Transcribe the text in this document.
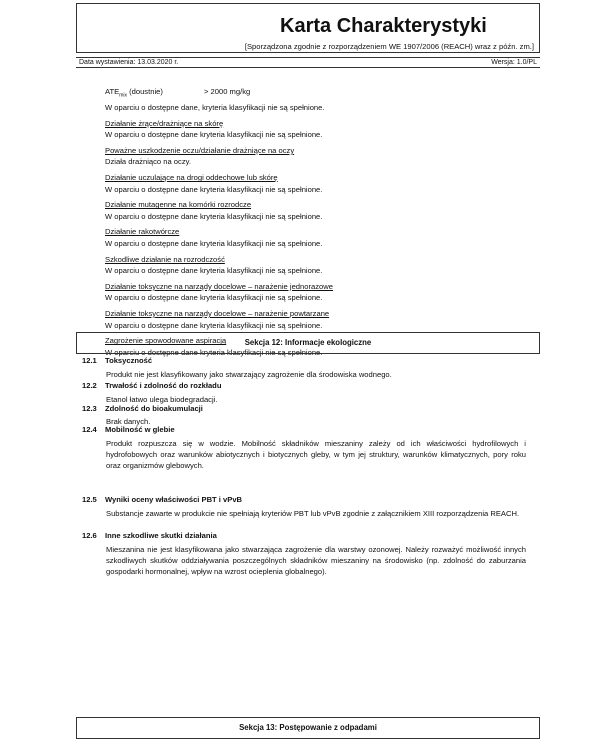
Karta Charakterystyki
[Sporządzona zgodnie z rozporządzeniem WE 1907/2006 (REACH) wraz z późn. zm.]
Data wystawienia: 13.03.2020 r.	Wersja: 1.0/PL
$ATE_{mix}$ (doustnie)	> 2000 mg/kg
W oparciu o dostępne dane, kryteria klasyfikacji nie są spełnione.
Działanie żrące/drażniące na skórę
W oparciu o dostępne dane kryteria klasyfikacji nie są spełnione.
Poważne uszkodzenie oczu/działanie drażniące na oczy
Działa drażniąco na oczy.
Działanie uczulające na drogi oddechowe lub skórę
W oparciu o dostępne dane kryteria klasyfikacji nie są spełnione.
Działanie mutagenne na komórki rozrodcze
W oparciu o dostępne dane kryteria klasyfikacji nie są spełnione.
Działanie rakotwórcze
W oparciu o dostępne dane kryteria klasyfikacji nie są spełnione.
Szkodliwe działanie na rozrodczość
W oparciu o dostępne dane kryteria klasyfikacji nie są spełnione.
Działanie toksyczne na narządy docelowe – narażenie jednorazowe
W oparciu o dostępne dane kryteria klasyfikacji nie są spełnione.
Działanie toksyczne na narządy docelowe – narażenie powtarzane
W oparciu o dostępne dane kryteria klasyfikacji nie są spełnione.
Zagrożenie spowodowane aspiracją
W oparciu o dostępne dane kryteria klasyfikacji nie są spełnione.
Sekcja 12: Informacje ekologiczne
12.1 Toksyczność
Produkt nie jest klasyfikowany jako stwarzający zagrożenie dla środowiska wodnego.
12.2 Trwałość i zdolność do rozkładu
Etanol łatwo ulega biodegradacji.
12.3 Zdolność do bioakumulacji
Brak danych.
12.4 Mobilność w glebie
Produkt rozpuszcza się w wodzie. Mobilność składników mieszaniny zależy od ich właściwości hydrofilowych i hydrofobowych oraz warunków abiotycznych i biotycznych gleby, w tym jej struktury, warunków klimatycznych, pory roku oraz organizmów glebowych.
12.5 Wyniki oceny właściwości PBT i vPvB
Substancje zawarte w produkcie nie spełniają kryteriów PBT lub vPvB zgodnie z załącznikiem XIII rozporządzenia REACH.
12.6 Inne szkodliwe skutki działania
Mieszanina nie jest klasyfikowana jako stwarzająca zagrożenie dla warstwy ozonowej. Należy rozważyć możliwość innych szkodliwych skutków oddziaływania poszczególnych składników mieszaniny na środowisko (np. zdolność do zaburzania gospodarki hormonalnej, wpływ na wzrost ocieplenia globalnego).
Sekcja 13: Postępowanie z odpadami
